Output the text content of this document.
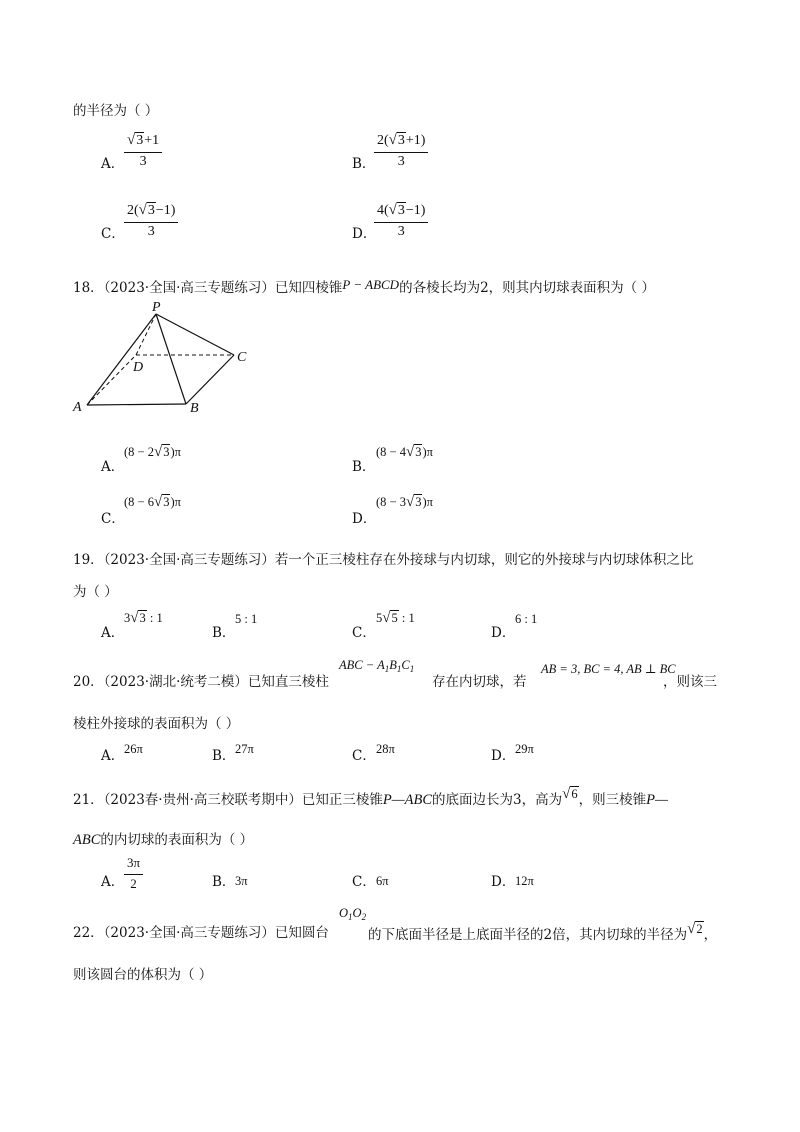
的半径为（ ）
A． $\frac{√ 3 +1}{3}$	B．
$\frac{2( √ 3 +1)}{3}$
C． $\frac{2( √ 3 -1)}{3}$	D．
$\frac{4( √ 3 -1)}{3}$
18．（2023·全国·高三专题练习）已知四棱锥P − ABCD的各棱长均为2，则其内切球表面积为（ ）
P
A	B
C
D
A．
(8 − 2 √ 3 )π
B．
(8 − 4 √ 3 )π
C．
(8 − 6 √ 3 )π
D．
(8 − 3 √ 3 )π
19．（2023·全国·高三专题练习）若一个正三棱柱存在外接球与内切球，则它的外接球与内切球体积之比
为（ ）
A．
3 √ 3 : 1
B．
5 : 1
C．
5 √ 5 : 1
D．
6 : 1
20．（2023·湖北·统考二模）已知直三棱柱
ABC − $A_1B_1C_1$
存在内切球，若
AB = 3, BC = 4, AB ⊥ BC
，则该三
棱柱外接球的表面积为（ ）
A． 26π	B． 27π	C． 28π	D． 29π
21．（2023春·贵州·高三校联考期中）已知正三棱锥P—ABC的底面边长为3，高为 √ 6 ，则三棱锥P—
ABC的内切球的表面积为（ ）
A． $\frac{3\pi}{2}$	B． 3π	C． 6π	D． 12π
22．（2023·全国·高三专题练习）已知圆台
$O_1O_2$
的下底面半径是上底面半径的2倍，其内切球的半径为 √ 2 ，
则该圆台的体积为（ ）
